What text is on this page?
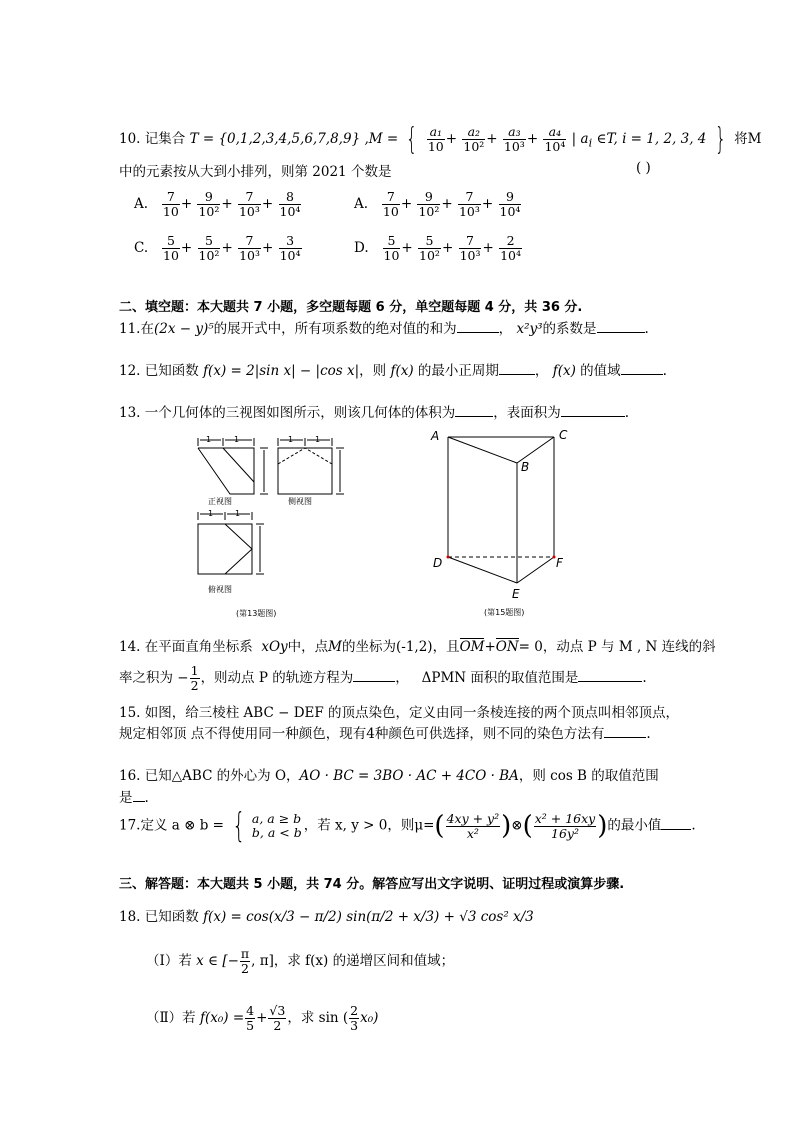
10. 记集合 T = {0,1,2,3,4,5,6,7,8,9} ,M = { $\frac{\text{a₁}}{10} + \frac{\text{a₂}}{\text{10²}} + \frac{\text{a₃}}{\text{10³}} + \frac{\text{a₄}}{\text{10⁴}}$ | $a_i$ ∈T, i = 1, 2, 3, 4 } 将M
中的元素按从大到小排列，则第 2021 个数是	( )
A. $\frac{7}{10} + \frac{9}{\text{10²}} + \frac{7}{\text{10³}} + \frac{8}{\text{10⁴}}$	A. $\frac{7}{10} + \frac{9}{\text{10²}} + \frac{7}{\text{10³}} + \frac{9}{\text{10⁴}}$
C. $\frac{5}{10} + \frac{5}{\text{10²}} + \frac{7}{\text{10³}} + \frac{3}{\text{10⁴}}$	D. $\frac{5}{10} + \frac{5}{\text{10²}} + \frac{7}{\text{10³}} + \frac{2}{\text{10⁴}}$
二、填空题：本大题共 7 小题，多空题每题 6 分，单空题每题 4 分，共 36 分.
11.在(2x − y)⁵的展开式中，所有项系数的绝对值的和为	， x²y³的系数是	.
12. 已知函数 f(x) = 2|sin x| − |cos x|，则 f(x) 的最小正周期	， f(x) 的值域	.
13. 一个几何体的三视图如图所示，则该几何体的体积为	，表面积为	.
1	1
正视图
1	1
侧视图
1	1
俯视图
(第13题图)
A	C
B
D	F
E
(第15题图)
14. 在平面直角坐标系 xOy中，点M的坐标为(-1,2)，且OM+ON= 0，动点 P 与 M , N 连线的斜
率之积为 − $\frac{1}{2}$ ，则动点 P 的轨迹方程为	， ΔPMN 面积的取值范围是	.
15. 如图，给三棱柱 ABC − DEF 的顶点染色，定义由同一条棱连接的两个顶点叫相邻顶点，
规定相邻顶 点不得使用同一种颜色，现有4种颜色可供选择，则不同的染色方法有	.
16. 已知△ABC 的外心为 O，AO · BC = 3BO · AC + 4CO · BA，则 cos B 的取值范围
是 .
17.定义 a ⊗ b = { a, a ≥ b
b, a < b ，若 x, y > 0，则$\mu=( \frac{\text{4xy + y²}}{\text{x²}}$ )⊗( $\frac{\text{x² + 16xy}}{\text{16y²}}$ )的最小值 .
三、解答题：本大题共 5 小题，共 74 分。解答应写出文字说明、证明过程或演算步骤.
18. 已知函数 f(x) = cos(x/3 − π/2) sin(π/2 + x/3) + √3 cos² x/3
（Ⅰ）若 x ∈ [− $\frac{\pi}{2}$ , π]，求 f(x) 的递增区间和值域；
（Ⅱ）若 $f(x_0) = \frac{4}{5} + \frac{√3}{2}$ ，求 sin ( $\frac{2}{3} x_0$)
